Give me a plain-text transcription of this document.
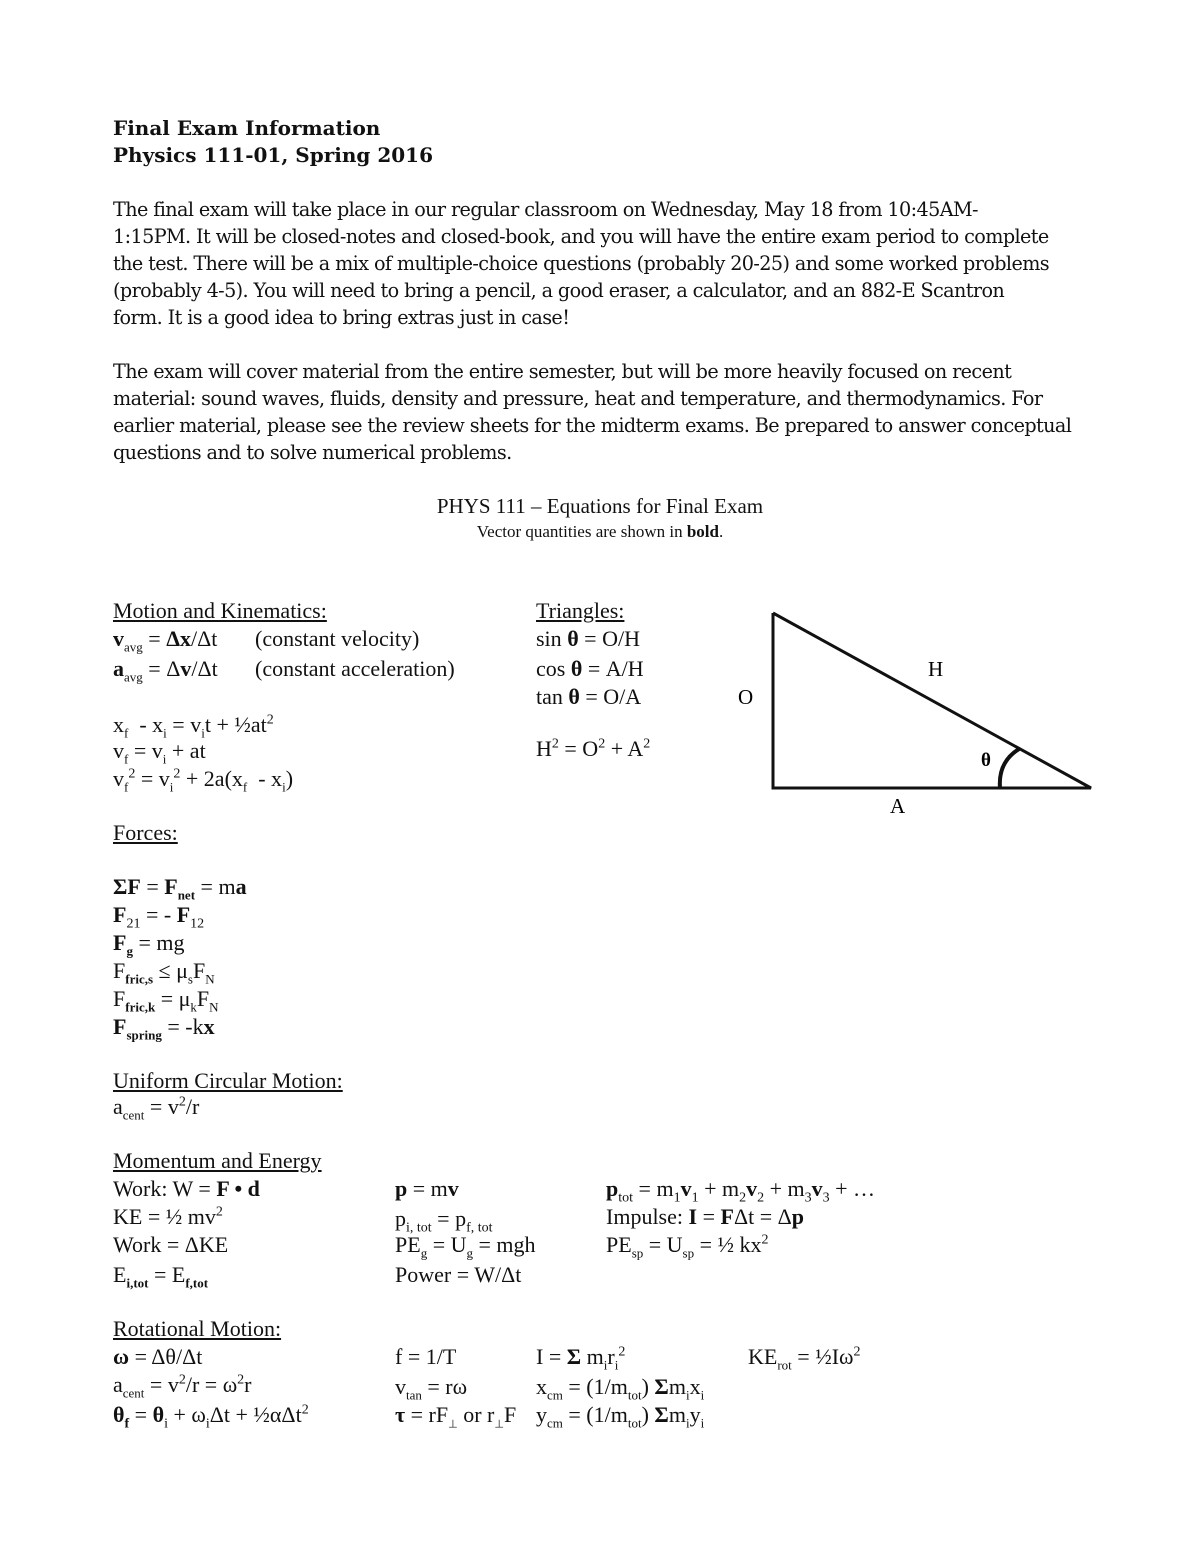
Final Exam Information
Physics 111-01, Spring 2016
The final exam will take place in our regular classroom on Wednesday, May 18 from 10:45AM-
1:15PM. It will be closed-notes and closed-book, and you will have the entire exam period to complete
the test. There will be a mix of multiple-choice questions (probably 20-25) and some worked problems
(probably 4-5). You will need to bring a pencil, a good eraser, a calculator, and an 882-E Scantron
form. It is a good idea to bring extras just in case!
The exam will cover material from the entire semester, but will be more heavily focused on recent
material: sound waves, fluids, density and pressure, heat and temperature, and thermodynamics. For
earlier material, please see the review sheets for the midterm exams. Be prepared to answer conceptual
questions and to solve numerical problems.
PHYS 111 – Equations for Final Exam
Vector quantities are shown in bold.
Motion and Kinematics:
$v_{avg} = \Delta x/\Delta t$ (constant velocity)
$a_{avg} = \Delta v/\Delta t$ (constant acceleration)
$x_f - x_i = v_it$ + $\frac{1}{2}at^2$
$v_f = v_i$ + at
$v_f^2 = v_i^2 + 2a(x_f - x_i)$
Triangles:
sin θ = O/H
cos θ = A/H
tan θ = O/A
$H^2 = O^2 + A^2$
O
H
A
θ
Forces:
$\Sigma F = F_{net}$ = ma
$F_{21}$ = - $F_{12}$
$F_g$ = mg
$F_{fric,s} \le \mu_sF_N$
$F_{fric,k} = \mu_kF_N$
$F_{spring} = -kx$
Uniform Circular Motion:
$a_{cent} = v^2/r$
Momentum and Energy
Work: W = F • d
KE = ½ $mv^2$
Work = ΔKE
$E_{i,tot} = E_{f,tot}$
p = mv
$p_{i, tot} = p_{f, tot}$
$PE_g = U_g$ = mgh
Power = W/Δt
$p_{tot} = m_1v_1 + m_2v_2 + m_3v_3$ + …
Impulse: I = FΔt = Δp
$PE_{sp} = U_{sp}$ = ½ $kx^2$
Rotational Motion:
ω = Δθ/Δt
$a_{cent} = v^2/r = \omega^2r$
$\theta_f = \theta_i + \omega_i\Delta t$ + ½αΔt$^2$
f = 1/T
$v_{tan} = r\omega$
$\tau = rF_\perp$ or $r_\perp F$
I = Σ $m_ir_i^2$
$x_{cm} = (1/m_{tot})$ $\Sigma m_ix_i$
$y_{cm} = (1/m_{tot})$ $\Sigma m_iy_i$
$KE_{rot}$ = $\frac{1}{2}I\omega^2$
